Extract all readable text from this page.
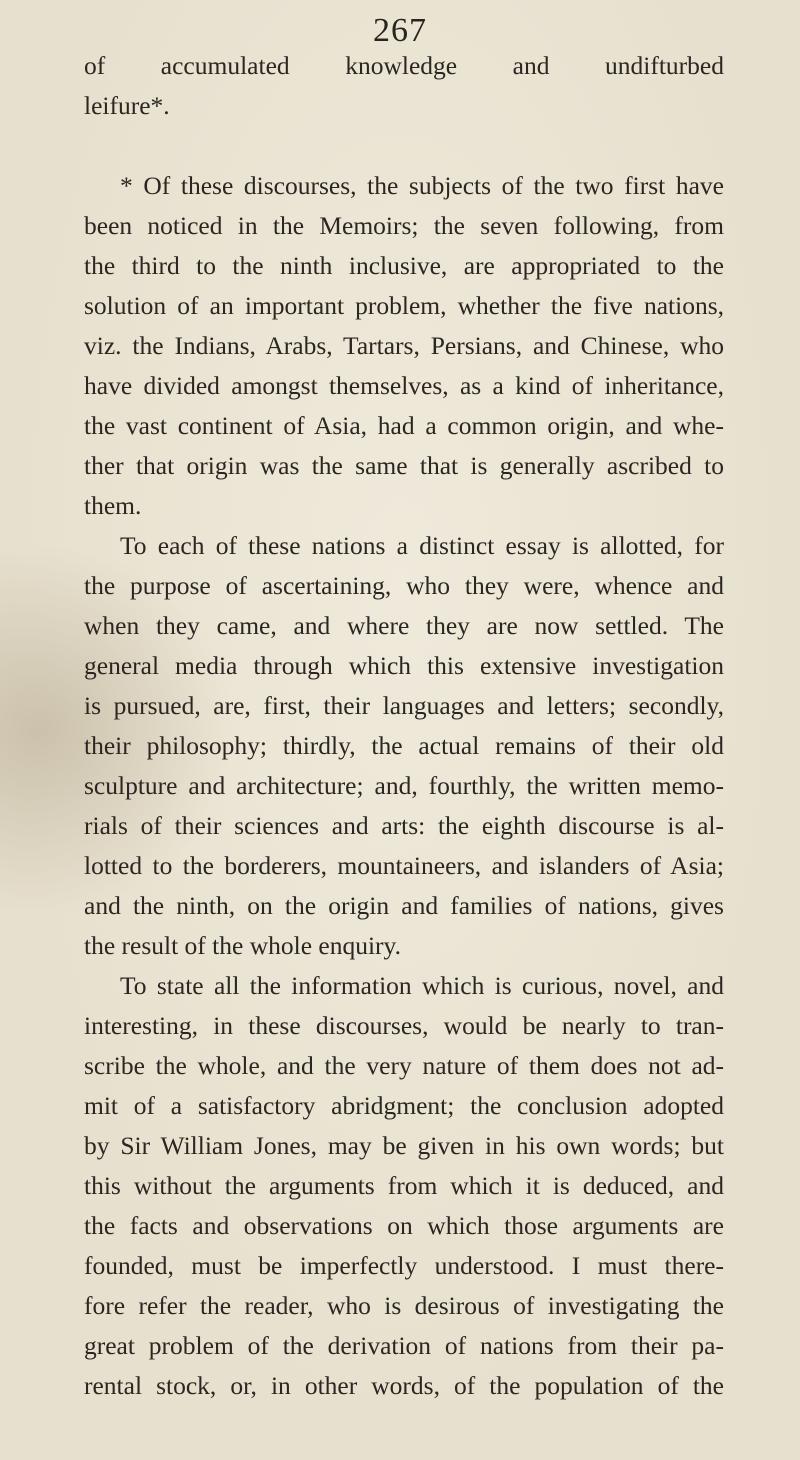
267
of accumulated knowledge and undifturbed
leifure*.
* Of these discourses, the subjects of the two first have
been noticed in the Memoirs; the seven following, from
the third to the ninth inclusive, are appropriated to the
solution of an important problem, whether the five nations,
viz. the Indians, Arabs, Tartars, Persians, and Chinese, who
have divided amongst themselves, as a kind of inheritance,
the vast continent of Asia, had a common origin, and whe-
ther that origin was the same that is generally ascribed to
them.
To each of these nations a distinct essay is allotted, for
the purpose of ascertaining, who they were, whence and
when they came, and where they are now settled. The
general media through which this extensive investigation
is pursued, are, first, their languages and letters; secondly,
their philosophy; thirdly, the actual remains of their old
sculpture and architecture; and, fourthly, the written memo-
rials of their sciences and arts: the eighth discourse is al-
lotted to the borderers, mountaineers, and islanders of Asia;
and the ninth, on the origin and families of nations, gives
the result of the whole enquiry.
To state all the information which is curious, novel, and
interesting, in these discourses, would be nearly to tran-
scribe the whole, and the very nature of them does not ad-
mit of a satisfactory abridgment; the conclusion adopted
by Sir William Jones, may be given in his own words; but
this without the arguments from which it is deduced, and
the facts and observations on which those arguments are
founded, must be imperfectly understood. I must there-
fore refer the reader, who is desirous of investigating the
great problem of the derivation of nations from their pa-
rental stock, or, in other words, of the population of the
